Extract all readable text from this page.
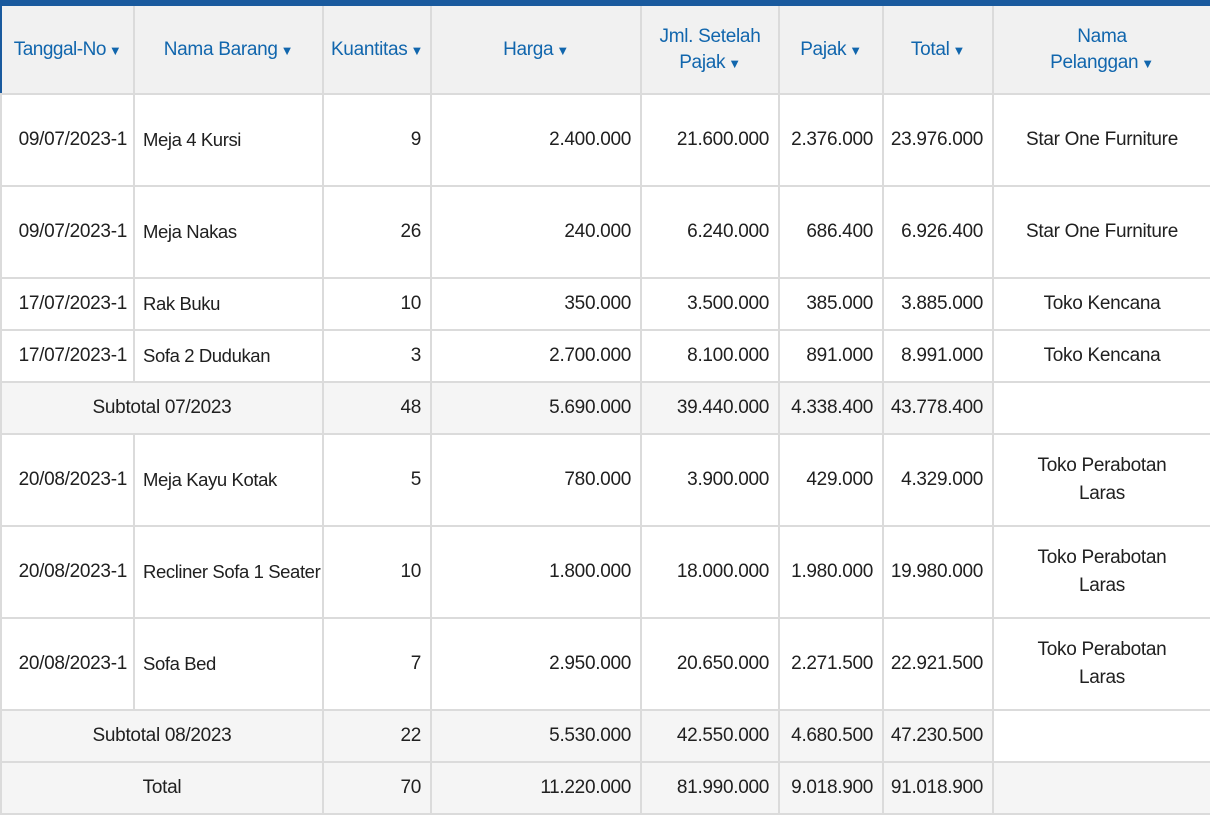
Tanggal-No ▼	Nama Barang ▼	Kuantitas ▼	Harga ▼	Jml. Setelah Pajak ▼	Pajak ▼	Total ▼	Nama Pelanggan ▼
09/07/2023-1	Meja 4 Kursi	9	2.400.000	21.600.000	2.376.000	23.976.000	Star One Furniture
09/07/2023-1	Meja Nakas	26	240.000	6.240.000	686.400	6.926.400	Star One Furniture
17/07/2023-1	Rak Buku	10	350.000	3.500.000	385.000	3.885.000	Toko Kencana
17/07/2023-1	Sofa 2 Dudukan	3	2.700.000	8.100.000	891.000	8.991.000	Toko Kencana
Subtotal 07/2023		48	5.690.000	39.440.000	4.338.400	43.778.400	
20/08/2023-1	Meja Kayu Kotak	5	780.000	3.900.000	429.000	4.329.000	Toko Perabotan Laras
20/08/2023-1	Recliner Sofa 1 Seater	10	1.800.000	18.000.000	1.980.000	19.980.000	Toko Perabotan Laras
20/08/2023-1	Sofa Bed	7	2.950.000	20.650.000	2.271.500	22.921.500	Toko Perabotan Laras
Subtotal 08/2023		22	5.530.000	42.550.000	4.680.500	47.230.500	
Total		70	11.220.000	81.990.000	9.018.900	91.018.900	
